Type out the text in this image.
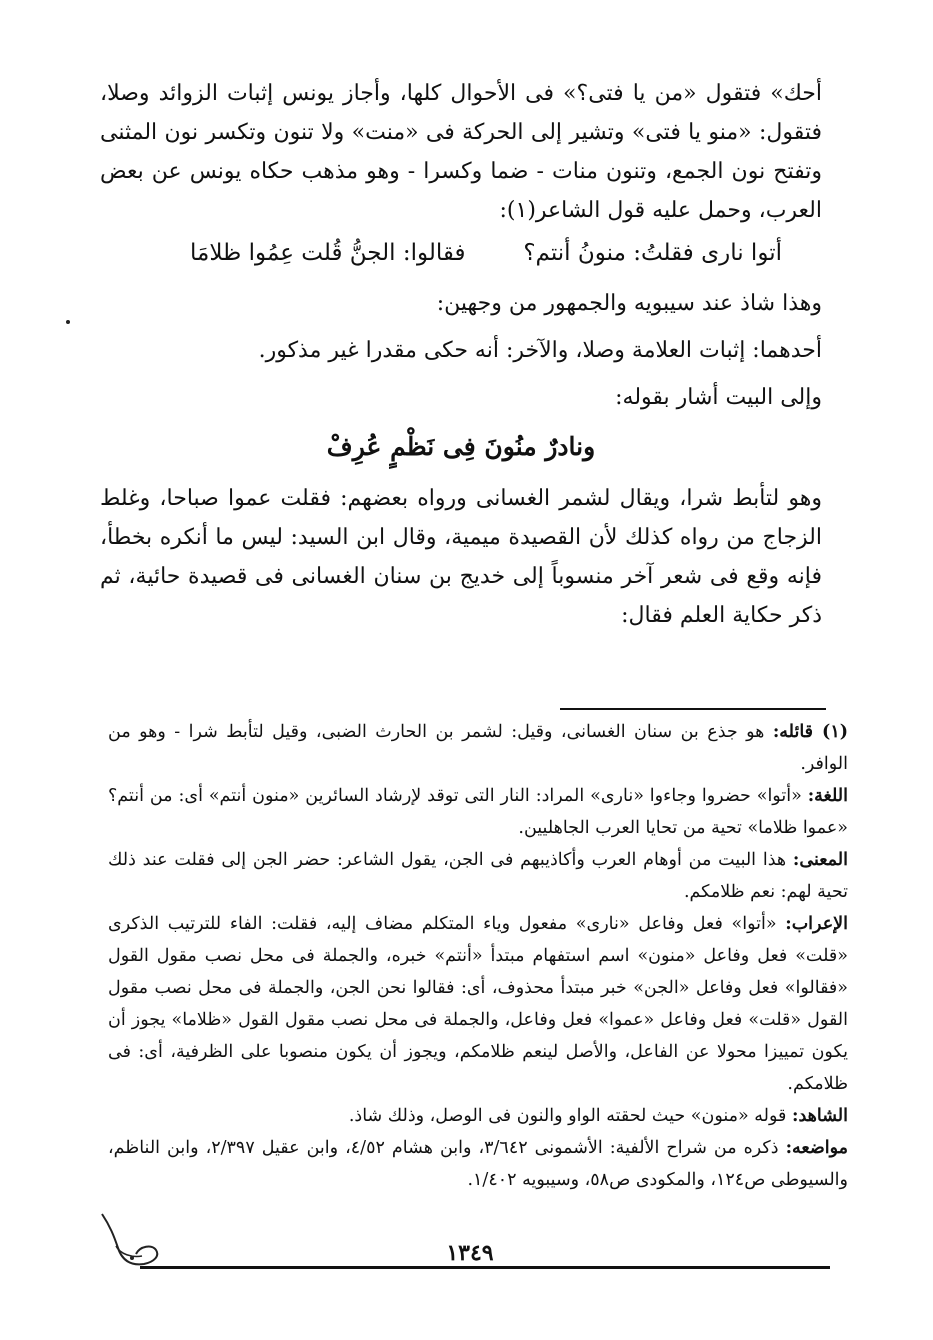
أحك» فتقول «من يا فتى؟» فى الأحوال كلها، وأجاز يونس إثبات الزوائد وصلا، فتقول: «منو يا فتى» وتشير إلى الحركة فى «منت» ولا تنون وتكسر نون المثنى وتفتح نون الجمع، وتنون منات - ضما وكسرا - وهو مذهب حكاه يونس عن بعض العرب، وحمل عليه قول الشاعر(١):

أتوا نارى فقلتُ: منونُ أنتم؟
فقالوا: الجنُّ قُلت عِمُوا ظلامَا

وهذا شاذ عند سيبويه والجمهور من وجهين:

أحدهما: إثبات العلامة وصلا، والآخر: أنه حكى مقدرا غير مذكور.

وإلى البيت أشار بقوله:

ونادرٌ منُونَ فِى نَظْمٍ عُرِفْ

وهو لتأبط شرا، ويقال لشمر الغسانى ورواه بعضهم: فقلت عموا صباحا، وغلط الزجاج من رواه كذلك لأن القصيدة ميمية، وقال ابن السيد: ليس ما أنكره بخطأ، فإنه وقع فى شعر آخر منسوباً إلى خديج بن سنان الغسانى فى قصيدة حائية، ثم ذكر حكاية العلم فقال:

(١) قائله: هو جذع بن سنان الغسانى، وقيل: لشمر بن الحارث الضبى، وقيل لتأبط شرا - وهو من الوافر.

اللغة: «أتوا» حضروا وجاءوا «نارى» المراد: النار التى توقد لإرشاد السائرين «منون أنتم» أى: من أنتم؟ «عموا ظلاما» تحية من تحايا العرب الجاهليين.

المعنى: هذا البيت من أوهام العرب وأكاذيبهم فى الجن، يقول الشاعر: حضر الجن إلى فقلت عند ذلك تحية لهم: نعم ظلامكم.

الإعراب: «أتوا» فعل وفاعل «نارى» مفعول وياء المتكلم مضاف إليه، فقلت: الفاء للترتيب الذكرى «قلت» فعل وفاعل «منون» اسم استفهام مبتدأ «أنتم» خبره، والجملة فى محل نصب مقول القول «فقالوا» فعل وفاعل «الجن» خبر مبتدأ محذوف، أى: فقالوا نحن الجن، والجملة فى محل نصب مقول القول «قلت» فعل وفاعل «عموا» فعل وفاعل، والجملة فى محل نصب مقول القول «ظلاما» يجوز أن يكون تمييزا محولا عن الفاعل، والأصل لينعم ظلامكم، ويجوز أن يكون منصوبا على الظرفية، أى: فى ظلامكم.

الشاهد: قوله «منون» حيث لحقته الواو والنون فى الوصل، وذلك شاذ.

مواضعه: ذكره من شراح الألفية: الأشمونى ٣/٦٤٢، وابن هشام ٤/٥٢، وابن عقيل ٢/٣٩٧، وابن الناظم، والسيوطى ص١٢٤، والمكودى ص٥٨، وسيبويه ١/٤٠٢.

١٣٤٩
